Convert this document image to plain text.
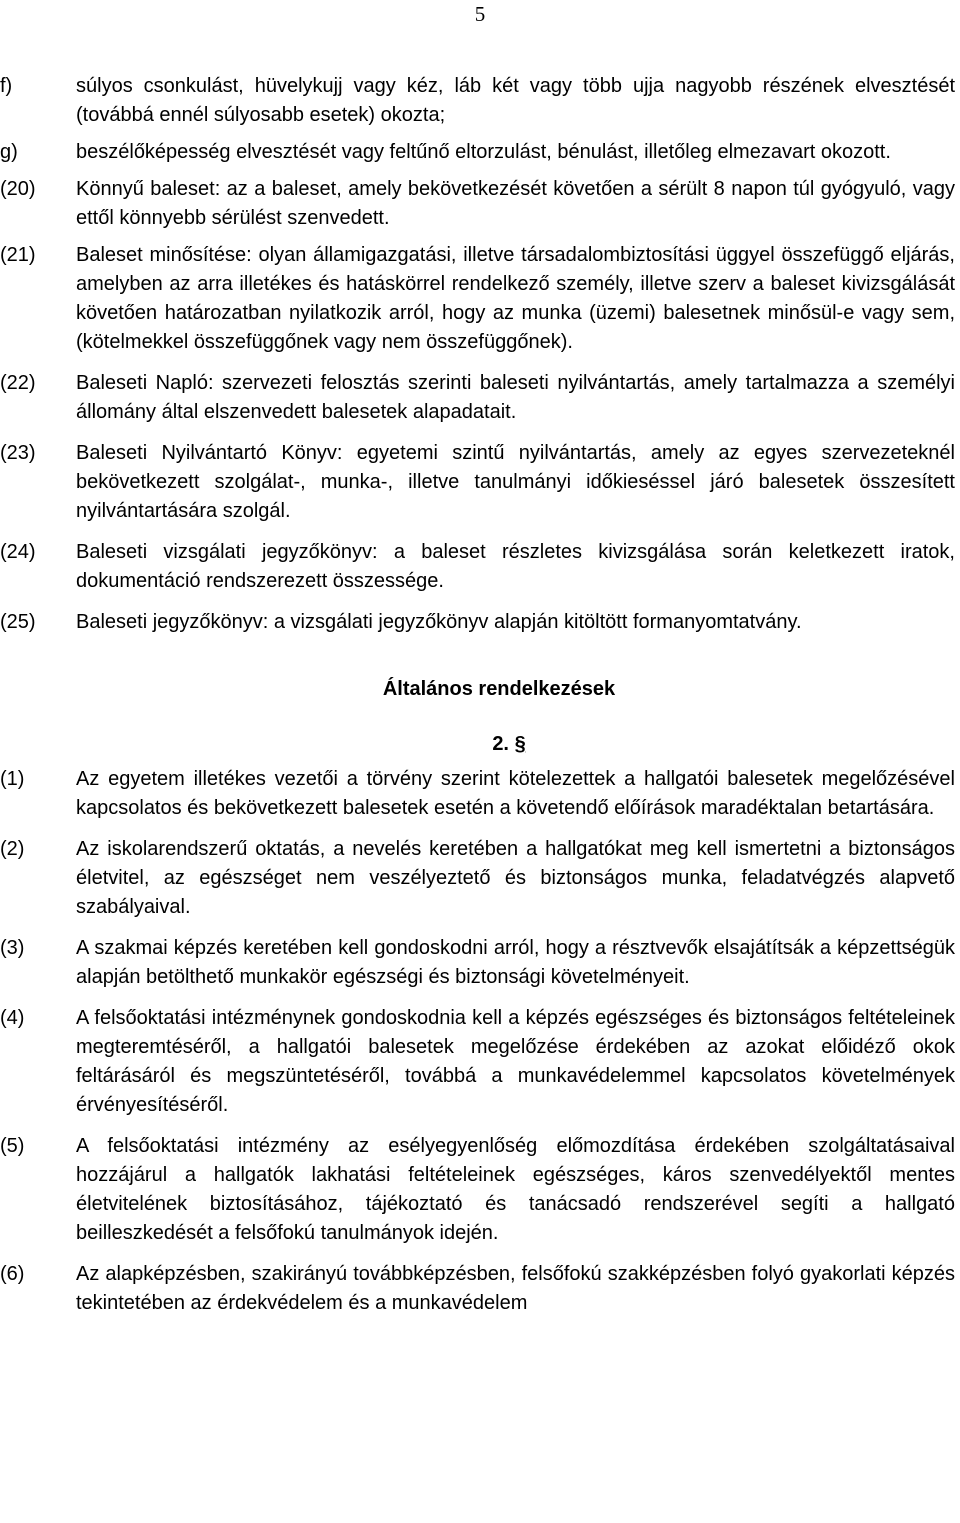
5
f)	súlyos csonkulást, hüvelykujj vagy kéz, láb két vagy több ujja nagyobb részének elvesztését (továbbá ennél súlyosabb esetek) okozta;
g)	beszélőképesség elvesztését vagy feltűnő eltorzulást, bénulást, illetőleg elmezavart okozott.
(20)	Könnyű baleset: az a baleset, amely bekövetkezését követően a sérült 8 napon túl gyógyuló, vagy ettől könnyebb sérülést szenvedett.
(21)	Baleset minősítése: olyan államigazgatási, illetve társadalombiztosítási üggyel összefüggő eljárás, amelyben az arra illetékes és hatáskörrel rendelkező személy, illetve szerv a baleset kivizsgálását követően határozatban nyilatkozik arról, hogy az munka (üzemi) balesetnek minősül-e vagy sem, (kötelmekkel összefüggőnek vagy nem összefüggőnek).
(22)	Baleseti Napló: szervezeti felosztás szerinti baleseti nyilvántartás, amely tartalmazza a személyi állomány által elszenvedett balesetek alapadatait.
(23)	Baleseti Nyilvántartó Könyv: egyetemi szintű nyilvántartás, amely az egyes szervezeteknél bekövetkezett szolgálat-, munka-, illetve tanulmányi időkieséssel járó balesetek összesített nyilvántartására szolgál.
(24)	Baleseti vizsgálati jegyzőkönyv: a baleset részletes kivizsgálása során keletkezett iratok, dokumentáció rendszerezett összessége.
(25)	Baleseti jegyzőkönyv: a vizsgálati jegyzőkönyv alapján kitöltött formanyomtatvány.
Általános rendelkezések
2. §
(1)	Az egyetem illetékes vezetői a törvény szerint kötelezettek a hallgatói balesetek megelőzésével kapcsolatos és bekövetkezett balesetek esetén a követendő előírások maradéktalan betartására.
(2)	Az iskolarendszerű oktatás, a nevelés keretében a hallgatókat meg kell ismertetni a biztonságos életvitel, az egészséget nem veszélyeztető és biztonságos munka, feladatvégzés alapvető szabályaival.
(3)	A szakmai képzés keretében kell gondoskodni arról, hogy a résztvevők elsajátítsák a képzettségük alapján betölthető munkakör egészségi és biztonsági követelményeit.
(4)	A felsőoktatási intézménynek gondoskodnia kell a képzés egészséges és biztonságos feltételeinek megteremtéséről, a hallgatói balesetek megelőzése érdekében az azokat előidéző okok feltárásáról és megszüntetéséről, továbbá a munkavédelemmel kapcsolatos követelmények érvényesítéséről.
(5)	A felsőoktatási intézmény az esélyegyenlőség előmozdítása érdekében szolgáltatásaival hozzájárul a hallgatók lakhatási feltételeinek egészséges, káros szenvedélyektől mentes életvitelének biztosításához, tájékoztató és tanácsadó rendszerével segíti a hallgató beilleszkedését a felsőfokú tanulmányok idején.
(6)	Az alapképzésben, szakirányú továbbképzésben, felsőfokú szakképzésben folyó gyakorlati képzés tekintetében az érdekvédelem és a munkavédelem
